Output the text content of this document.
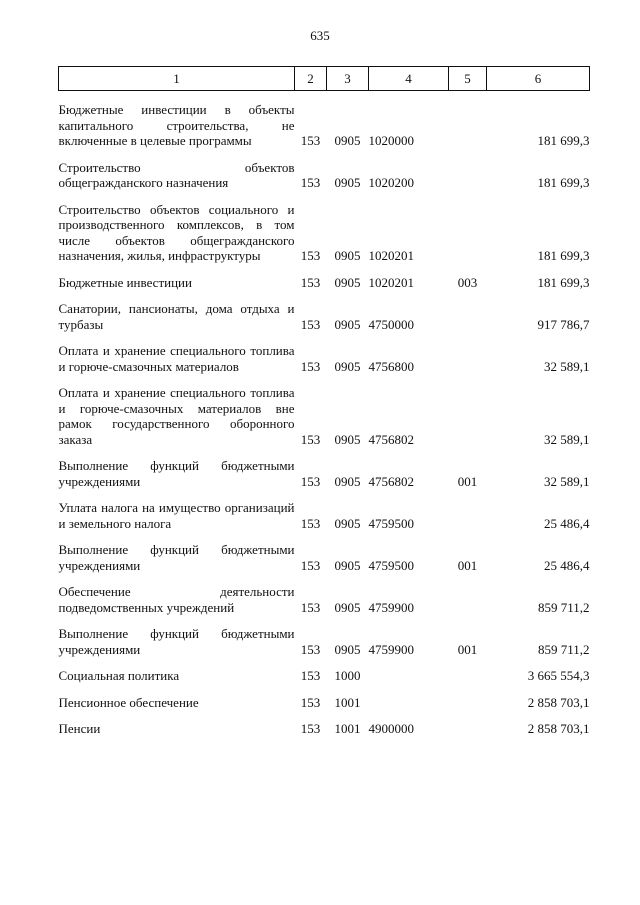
635
1	2	3	4	5	6

Бюджетные инвестиции в объекты капитального строительства, не включенные в целевые программы	153	0905	1020000		181 699,3

Строительство объектов общегражданского назначения	153	0905	1020200		181 699,3

Строительство объектов социального и производственного комплексов, в том числе объектов общегражданского назначения, жилья, инфраструктуры	153	0905	1020201		181 699,3

Бюджетные инвестиции	153	0905	1020201	003	181 699,3

Санатории, пансионаты, дома отдыха и турбазы	153	0905	4750000		917 786,7

Оплата и хранение специального топлива и горюче-смазочных материалов	153	0905	4756800		32 589,1

Оплата и хранение специального топлива и горюче-смазочных материалов вне рамок государственного оборонного заказа	153	0905	4756802		32 589,1

Выполнение функций бюджетными учреждениями	153	0905	4756802	001	32 589,1

Уплата налога на имущество организаций и земельного налога	153	0905	4759500		25 486,4

Выполнение функций бюджетными учреждениями	153	0905	4759500	001	25 486,4

Обеспечение деятельности подведомственных учреждений	153	0905	4759900		859 711,2

Выполнение функций бюджетными учреждениями	153	0905	4759900	001	859 711,2

Социальная политика	153	1000			3 665 554,3

Пенсионное обеспечение	153	1001			2 858 703,1

Пенсии	153	1001	4900000		2 858 703,1
